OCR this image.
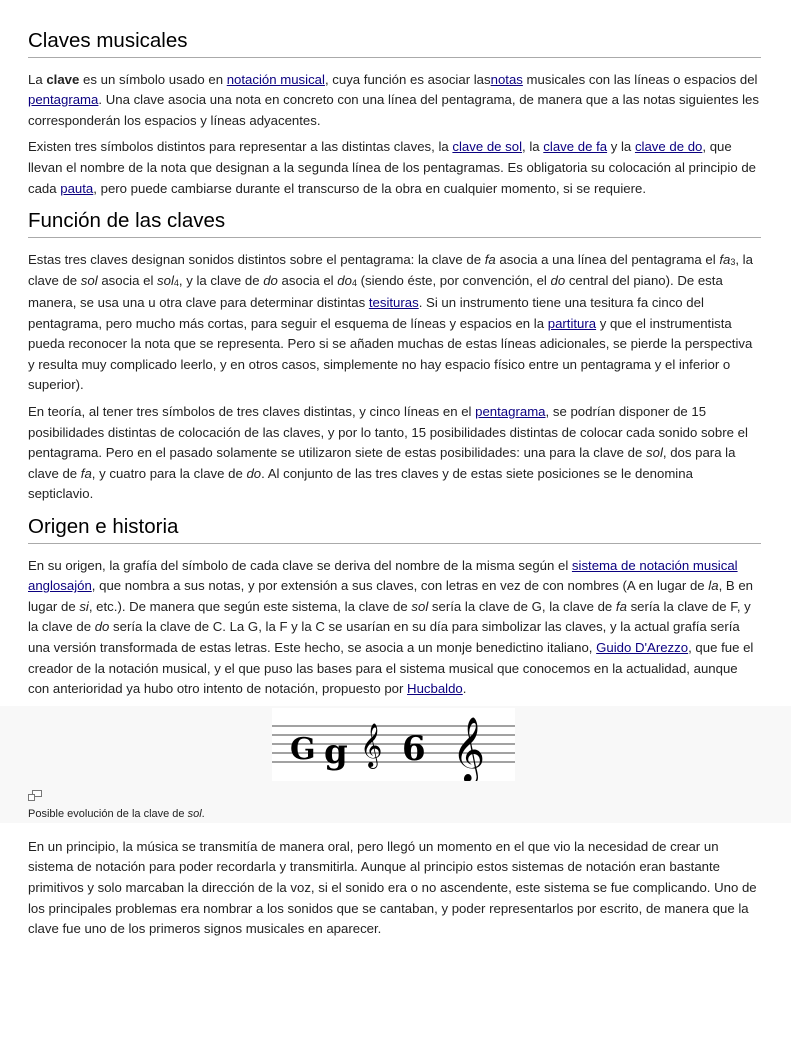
Claves musicales

La clave es un símbolo usado en notación musical, cuya función es asociar lasnotas musicales con las líneas o espacios del pentagrama. Una clave asocia una nota en concreto con una línea del pentagrama, de manera que a las notas siguientes les corresponderán los espacios y líneas adyacentes.

Existen tres símbolos distintos para representar a las distintas claves, la clave de sol, la clave de fa y la clave de do, que llevan el nombre de la nota que designan a la segunda línea de los pentagramas. Es obligatoria su colocación al principio de cada pauta, pero puede cambiarse durante el transcurso de la obra en cualquier momento, si se requiere.

Función de las claves

Estas tres claves designan sonidos distintos sobre el pentagrama: la clave de fa asocia a una línea del pentagrama el $fa_3$, la clave de sol asocia el sol$_4$, y la clave de do asocia el $do_4$ (siendo éste, por convención, el do central del piano). De esta manera, se usa una u otra clave para determinar distintas tesituras. Si un instrumento tiene una tesitura fa cinco del pentagrama, pero mucho más cortas, para seguir el esquema de líneas y espacios en la partitura y que el instrumentista pueda reconocer la nota que se representa. Pero si se añaden muchas de estas líneas adicionales, se pierde la perspectiva y resulta muy complicado leerlo, y en otros casos, simplemente no hay espacio físico entre un pentagrama y el inferior o superior).

En teoría, al tener tres símbolos de tres claves distintas, y cinco líneas en el pentagrama, se podrían disponer de 15 posibilidades distintas de colocación de las claves, y por lo tanto, 15 posibilidades distintas de colocar cada sonido sobre el pentagrama. Pero en el pasado solamente se utilizaron siete de estas posibilidades: una para la clave de sol, dos para la clave de fa, y cuatro para la clave de do. Al conjunto de las tres claves y de estas siete posiciones se le denomina septiclavio.

Origen e historia

En su origen, la grafía del símbolo de cada clave se deriva del nombre de la misma según el sistema de notación musical anglosajón, que nombra a sus notas, y por extensión a sus claves, con letras en vez de con nombres (A en lugar de la, B en lugar de si, etc.). De manera que según este sistema, la clave de sol sería la clave de G, la clave de fa sería la clave de F, y la clave de do sería la clave de C. La G, la F y la C se usarían en su día para simbolizar las claves, y la actual grafía sería una versión transformada de estas letras. Este hecho, se asocia a un monje benedictino italiano, Guido D'Arezzo, que fue el creador de la notación musical, y el que puso las bases para el sistema musical que conocemos en la actualidad, aunque con anterioridad ya hubo otro intento de notación, propuesto por Hucbaldo.

G g 𝄞 6 𝄞
Posible evolución de la clave de sol.

En un principio, la música se transmitía de manera oral, pero llegó un momento en el que vio la necesidad de crear un sistema de notación para poder recordarla y transmitirla. Aunque al principio estos sistemas de notación eran bastante primitivos y solo marcaban la dirección de la voz, si el sonido era o no ascendente, este sistema se fue complicando. Uno de los principales problemas era nombrar a los sonidos que se cantaban, y poder representarlos por escrito, de manera que la clave fue uno de los primeros signos musicales en aparecer.
